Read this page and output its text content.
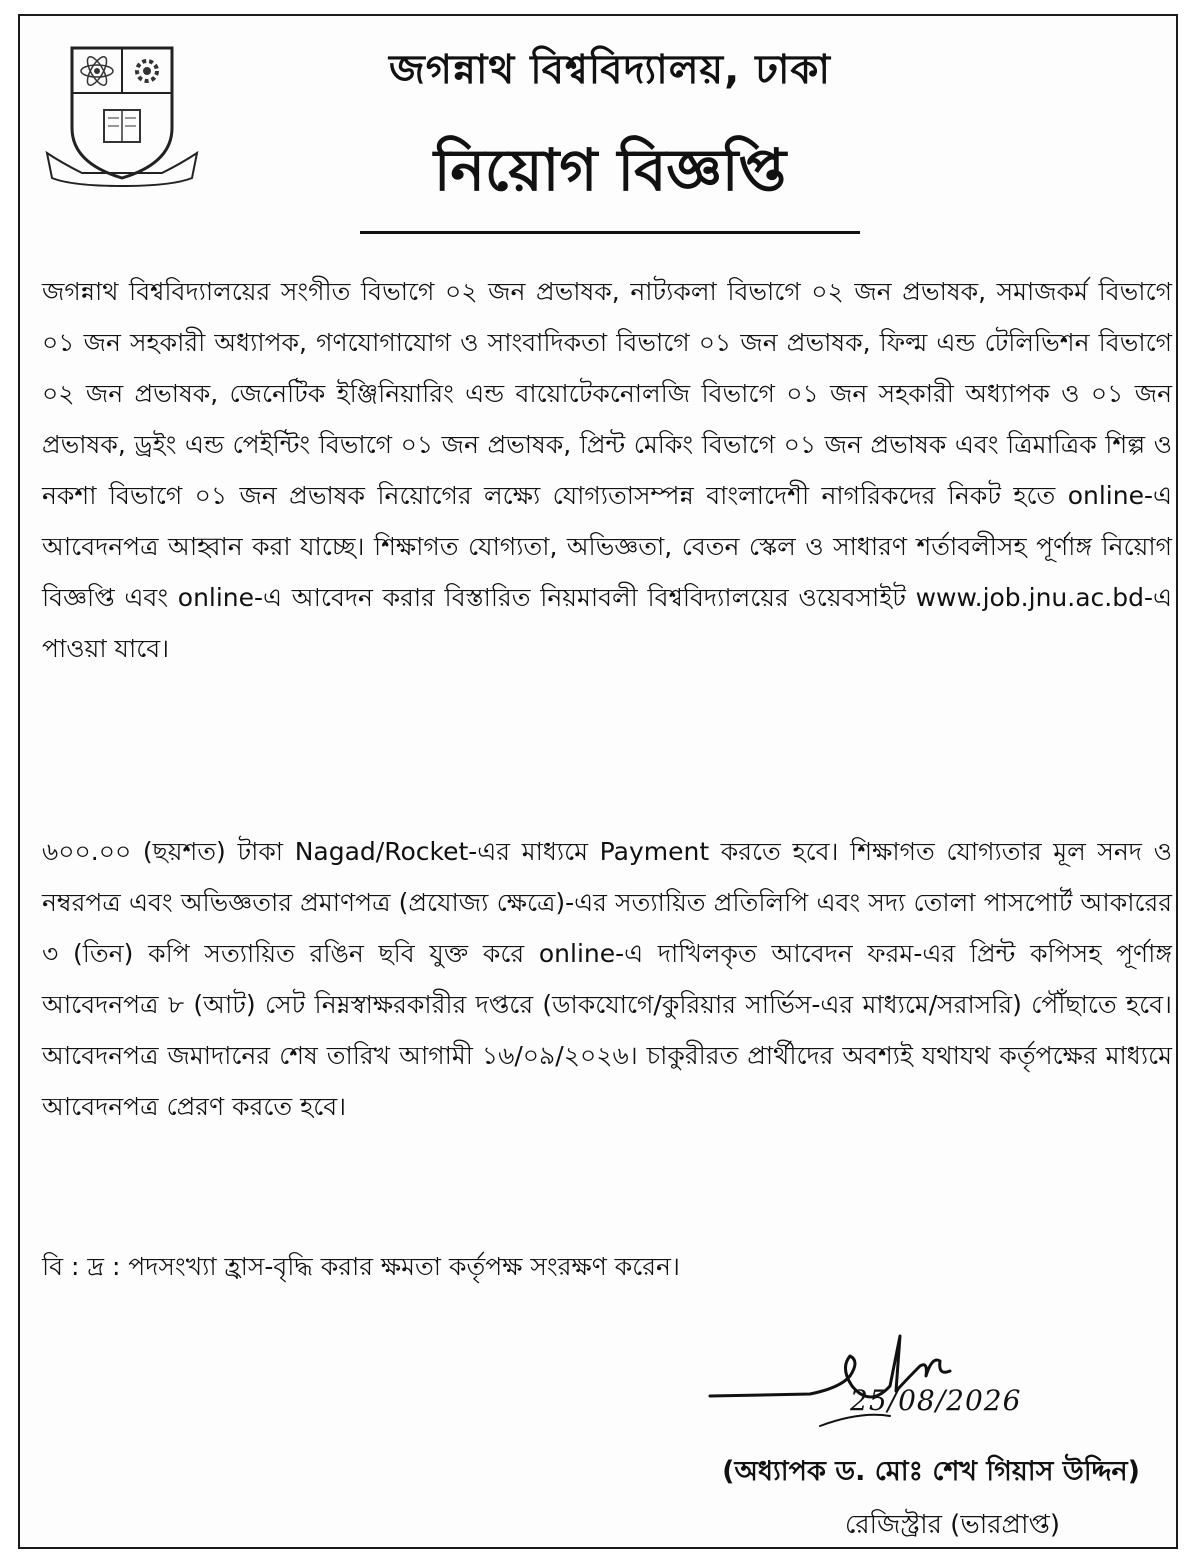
জগন্নাথ বিশ্ববিদ্যালয়, ঢাকা
নিয়োগ বিজ্ঞপ্তি
জগন্নাথ বিশ্ববিদ্যালয়ের সংগীত বিভাগে ০২ জন প্রভাষক, নাট্যকলা বিভাগে ০২ জন প্রভাষক, সমাজকর্ম বিভাগে ০১ জন সহকারী অধ্যাপক, গণযোগাযোগ ও সাংবাদিকতা বিভাগে ০১ জন প্রভাষক, ফিল্ম এন্ড টেলিভিশন বিভাগে ০২ জন প্রভাষক, জেনেটিক ইঞ্জিনিয়ারিং এন্ড বায়োটেকনোলজি বিভাগে ০১ জন সহকারী অধ্যাপক ও ০১ জন প্রভাষক, ড্রইং এন্ড পেইন্টিং বিভাগে ০১ জন প্রভাষক, প্রিন্ট মেকিং বিভাগে ০১ জন প্রভাষক এবং ত্রিমাত্রিক শিল্প ও নকশা বিভাগে ০১ জন প্রভাষক নিয়োগের লক্ষ্যে যোগ্যতাসম্পন্ন বাংলাদেশী নাগরিকদের নিকট হতে online-এ আবেদনপত্র আহ্বান করা যাচ্ছে। শিক্ষাগত যোগ্যতা, অভিজ্ঞতা, বেতন স্কেল ও সাধারণ শর্তাবলীসহ পূর্ণাঙ্গ নিয়োগ বিজ্ঞপ্তি এবং online-এ আবেদন করার বিস্তারিত নিয়মাবলী বিশ্ববিদ্যালয়ের ওয়েবসাইট www.job.jnu.ac.bd-এ পাওয়া যাবে।
৬০০.০০ (ছয়শত) টাকা Nagad/Rocket-এর মাধ্যমে Payment করতে হবে। শিক্ষাগত যোগ্যতার মূল সনদ ও নম্বরপত্র এবং অভিজ্ঞতার প্রমাণপত্র (প্রযোজ্য ক্ষেত্রে)-এর সত্যায়িত প্রতিলিপি এবং সদ্য তোলা পাসপোর্ট আকারের ৩ (তিন) কপি সত্যায়িত রঙিন ছবি যুক্ত করে online-এ দাখিলকৃত আবেদন ফরম-এর প্রিন্ট কপিসহ পূর্ণাঙ্গ আবেদনপত্র ৮ (আট) সেট নিম্নস্বাক্ষরকারীর দপ্তরে (ডাকযোগে/কুরিয়ার সার্ভিস-এর মাধ্যমে/সরাসরি) পৌঁছাতে হবে। আবেদনপত্র জমাদানের শেষ তারিখ আগামী ১৬/০৯/২০২৬। চাকুরীরত প্রার্থীদের অবশ্যই যথাযথ কর্তৃপক্ষের মাধ্যমে আবেদনপত্র প্রেরণ করতে হবে।
বি : দ্র : পদসংখ্যা হ্রাস-বৃদ্ধি করার ক্ষমতা কর্তৃপক্ষ সংরক্ষণ করেন।
25/08/2026
(অধ্যাপক ড. মোঃ শেখ গিয়াস উদ্দিন)
রেজিস্ট্রার (ভারপ্রাপ্ত)
